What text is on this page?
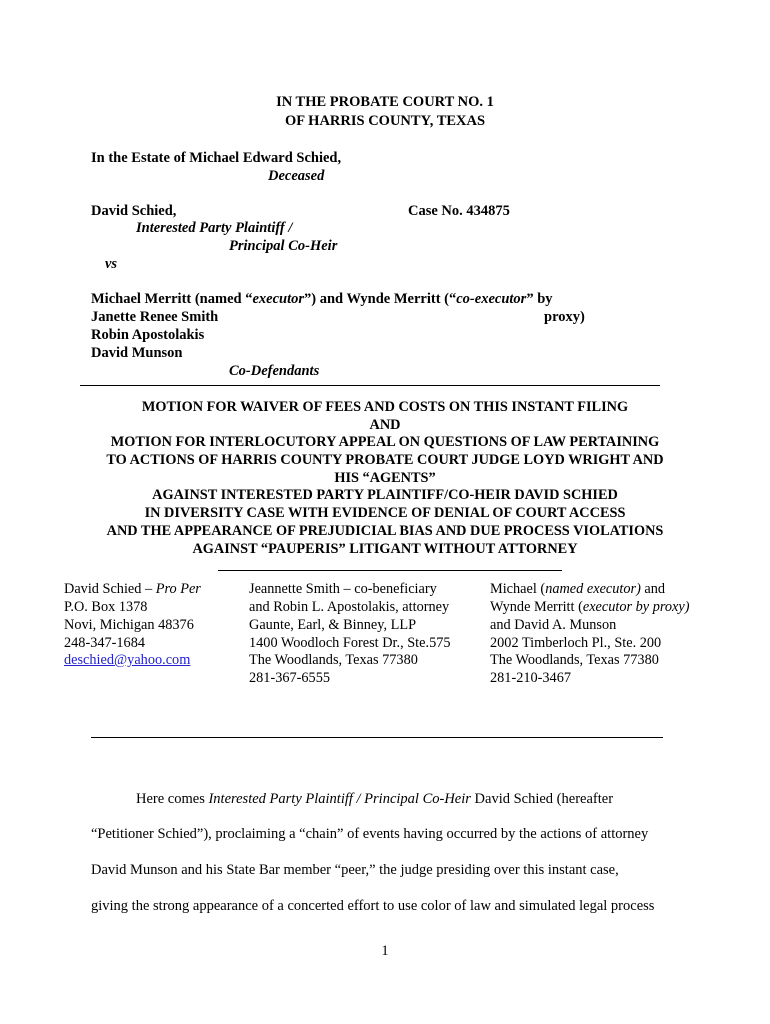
IN THE PROBATE COURT NO. 1
OF HARRIS COUNTY, TEXAS
In the Estate of Michael Edward Schied,
Deceased
David Schied,	Case No. 434875
Interested Party Plaintiff /
Principal Co-Heir
vs
Michael Merritt (named “executor”) and Wynde Merritt (“co-executor” by
Janette Renee Smith	proxy)
Robin Apostolakis
David Munson
Co-Defendants
MOTION FOR WAIVER OF FEES AND COSTS ON THIS INSTANT FILING
AND
MOTION FOR INTERLOCUTORY APPEAL ON QUESTIONS OF LAW PERTAINING
TO ACTIONS OF HARRIS COUNTY PROBATE COURT JUDGE LOYD WRIGHT AND
HIS “AGENTS”
AGAINST INTERESTED PARTY PLAINTIFF/CO-HEIR DAVID SCHIED
IN DIVERSITY CASE WITH EVIDENCE OF DENIAL OF COURT ACCESS
AND THE APPEARANCE OF PREJUDICIAL BIAS AND DUE PROCESS VIOLATIONS
AGAINST “PAUPERIS” LITIGANT WITHOUT ATTORNEY
David Schied – Pro Per
P.O. Box 1378
Novi, Michigan 48376
248-347-1684
deschied@yahoo.com
Jeannette Smith – co-beneficiary
and Robin L. Apostolakis, attorney
Gaunte, Earl, & Binney, LLP
1400 Woodloch Forest Dr., Ste.575
The Woodlands, Texas 77380
281-367-6555
Michael (named executor) and
Wynde Merritt (executor by proxy)
and David A. Munson
2002 Timberloch Pl., Ste. 200
The Woodlands, Texas 77380
281-210-3467
Here comes Interested Party Plaintiff / Principal Co-Heir David Schied (hereafter
“Petitioner Schied”), proclaiming a “chain” of events having occurred by the actions of attorney
David Munson and his State Bar member “peer,” the judge presiding over this instant case,
giving the strong appearance of a concerted effort to use color of law and simulated legal process
1
